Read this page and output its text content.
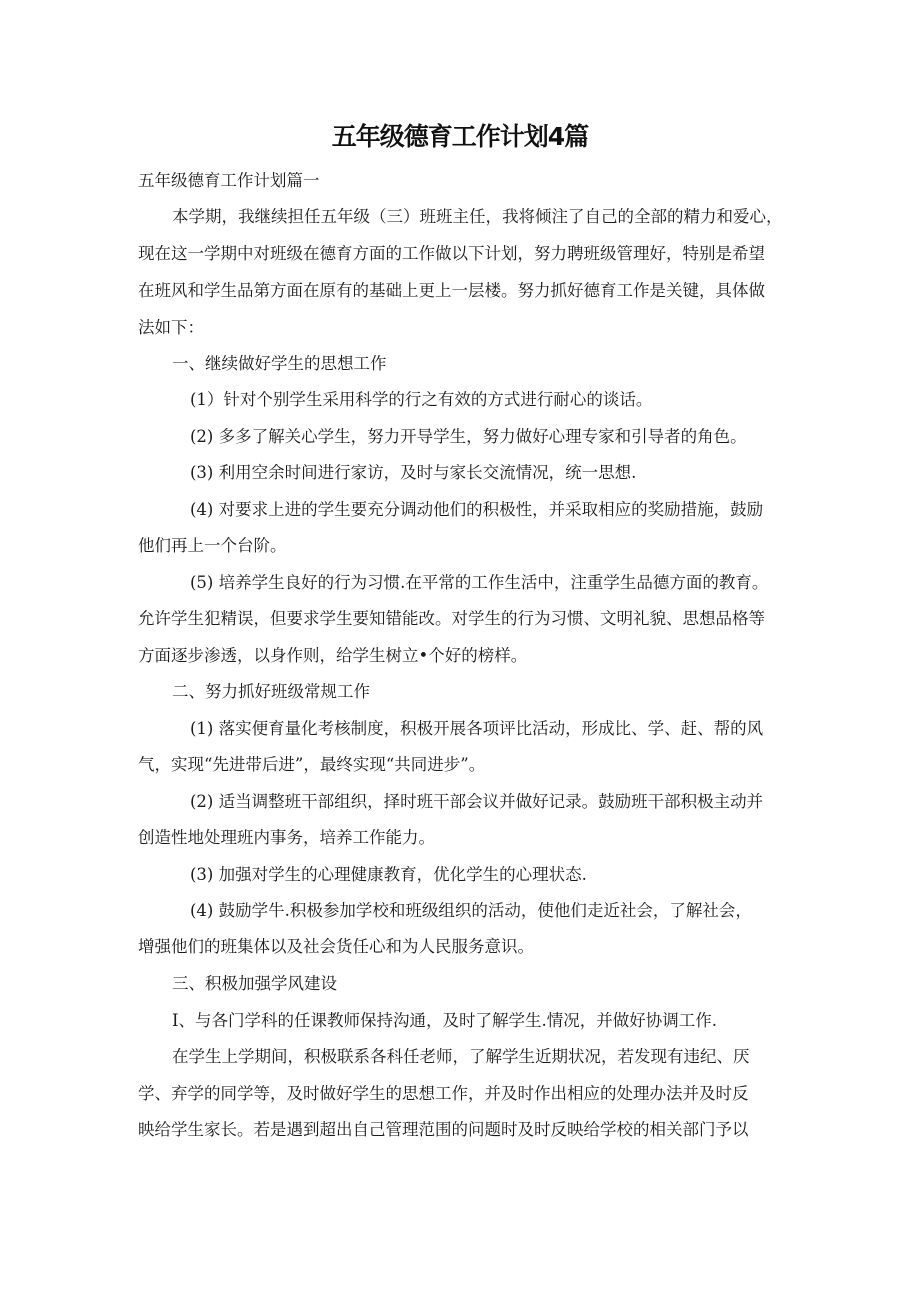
五年级德育工作计划4篇
五年级德育工作计划篇一
本学期，我继续担任五年级（三）班班主任，我将倾注了自己的全部的精力和爱心，
现在这一学期中对班级在德育方面的工作做以下计划，努力聘班级管理好，特别是希望
在班风和学生品第方面在原有的基础上更上一层楼。努力抓好德育工作是关键，具体做
法如下：
一、继续做好学生的思想工作
(1）针对个别学生采用科学的行之有效的方式进行耐心的谈话。
(2) 多多了解关心学生，努力开导学生，努力做好心理专家和引导者的角色。
(3) 利用空余时间进行家访，及时与家长交流情况，统一思想.
(4) 对要求上进的学生要充分调动他们的积极性，并采取相应的奖励措施，鼓励
他们再上一个台阶。
(5) 培养学生良好的行为习惯.在平常的工作生活中，注重学生品德方面的教育。
允许学生犯精误，但要求学生要知错能改。对学生的行为习惯、文明礼貌、思想品格等
方面逐步渗透，以身作则，给学生树立•个好的榜样。
二、努力抓好班级常规工作
(1) 落实便育量化考核制度，积极开展各项评比活动，形成比、学、赶、帮的风
气，实现“先进带后进”，最终实现“共同进步”。
(2) 适当调整班干部组织，择时班干部会议并做好记录。鼓励班干部积极主动并
创造性地处理班内事务，培养工作能力。
(3) 加强对学生的心理健康教育，优化学生的心理状态.
(4) 鼓励学牛.积极参加学校和班级组织的活动，使他们走近社会，了解社会，
增强他们的班集体以及社会货任心和为人民服务意识。
三、积极加强学风建设
I、与各门学科的任课教师保持沟通，及时了解学生.情况，并做好协调工作.
在学生上学期间，积极联系各科任老师，了解学生近期状况，若发现有违纪、厌
学、弃学的同学等，及时做好学生的思想工作，并及时作出相应的处理办法并及时反
映给学生家长。若是遇到超出自己管理范围的问题时及时反映给学校的相关部门予以
